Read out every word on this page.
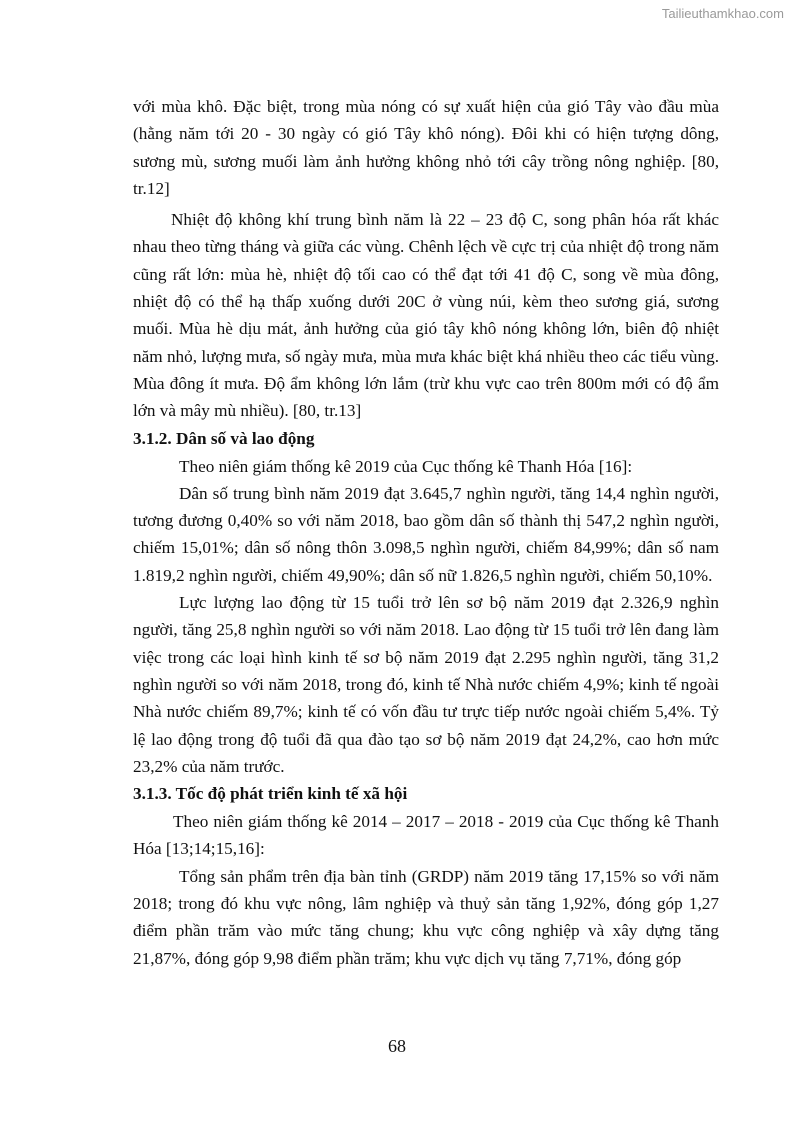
Tailieuthamkhao.com

với mùa khô. Đặc biệt, trong mùa nóng có sự xuất hiện của gió Tây vào đầu mùa (hằng năm tới 20 - 30 ngày có gió Tây khô nóng). Đôi khi có hiện tượng dông, sương mù, sương muối làm ảnh hưởng không nhỏ tới cây trồng nông nghiệp. [80, tr.12]

Nhiệt độ không khí trung bình năm là 22 – 23 độ C, song phân hóa rất khác nhau theo từng tháng và giữa các vùng. Chênh lệch về cực trị của nhiệt độ trong năm cũng rất lớn: mùa hè, nhiệt độ tối cao có thể đạt tới 41 độ C, song về mùa đông, nhiệt độ có thể hạ thấp xuống dưới 20C ở vùng núi, kèm theo sương giá, sương muối. Mùa hè dịu mát, ảnh hưởng của gió tây khô nóng không lớn, biên độ nhiệt năm nhỏ, lượng mưa, số ngày mưa, mùa mưa khác biệt khá nhiều theo các tiểu vùng. Mùa đông ít mưa. Độ ẩm không lớn lắm (trừ khu vực cao trên 800m mới có độ ẩm lớn và mây mù nhiều). [80, tr.13]

3.1.2. Dân số và lao động

Theo niên giám thống kê 2019 của Cục thống kê Thanh Hóa [16]:

Dân số trung bình năm 2019 đạt 3.645,7 nghìn người, tăng 14,4 nghìn người, tương đương 0,40% so với năm 2018, bao gồm dân số thành thị 547,2 nghìn người, chiếm 15,01%; dân số nông thôn 3.098,5 nghìn người, chiếm 84,99%; dân số nam 1.819,2 nghìn người, chiếm 49,90%; dân số nữ 1.826,5 nghìn người, chiếm 50,10%.

Lực lượng lao động từ 15 tuổi trở lên sơ bộ năm 2019 đạt 2.326,9 nghìn người, tăng 25,8 nghìn người so với năm 2018. Lao động từ 15 tuổi trở lên đang làm việc trong các loại hình kinh tế sơ bộ năm 2019 đạt 2.295 nghìn người, tăng 31,2 nghìn người so với năm 2018, trong đó, kinh tế Nhà nước chiếm 4,9%; kinh tế ngoài Nhà nước chiếm 89,7%; kinh tế có vốn đầu tư trực tiếp nước ngoài chiếm 5,4%. Tỷ lệ lao động trong độ tuổi đã qua đào tạo sơ bộ năm 2019 đạt 24,2%, cao hơn mức 23,2% của năm trước.

3.1.3. Tốc độ phát triển kinh tế xã hội

Theo niên giám thống kê 2014 – 2017 – 2018 - 2019 của Cục thống kê Thanh Hóa [13;14;15,16]:

Tổng sản phẩm trên địa bàn tỉnh (GRDP) năm 2019 tăng 17,15% so với năm 2018; trong đó khu vực nông, lâm nghiệp và thuỷ sản tăng 1,92%, đóng góp 1,27 điểm phần trăm vào mức tăng chung; khu vực công nghiệp và xây dựng tăng 21,87%, đóng góp 9,98 điểm phần trăm; khu vực dịch vụ tăng 7,71%, đóng góp

68
